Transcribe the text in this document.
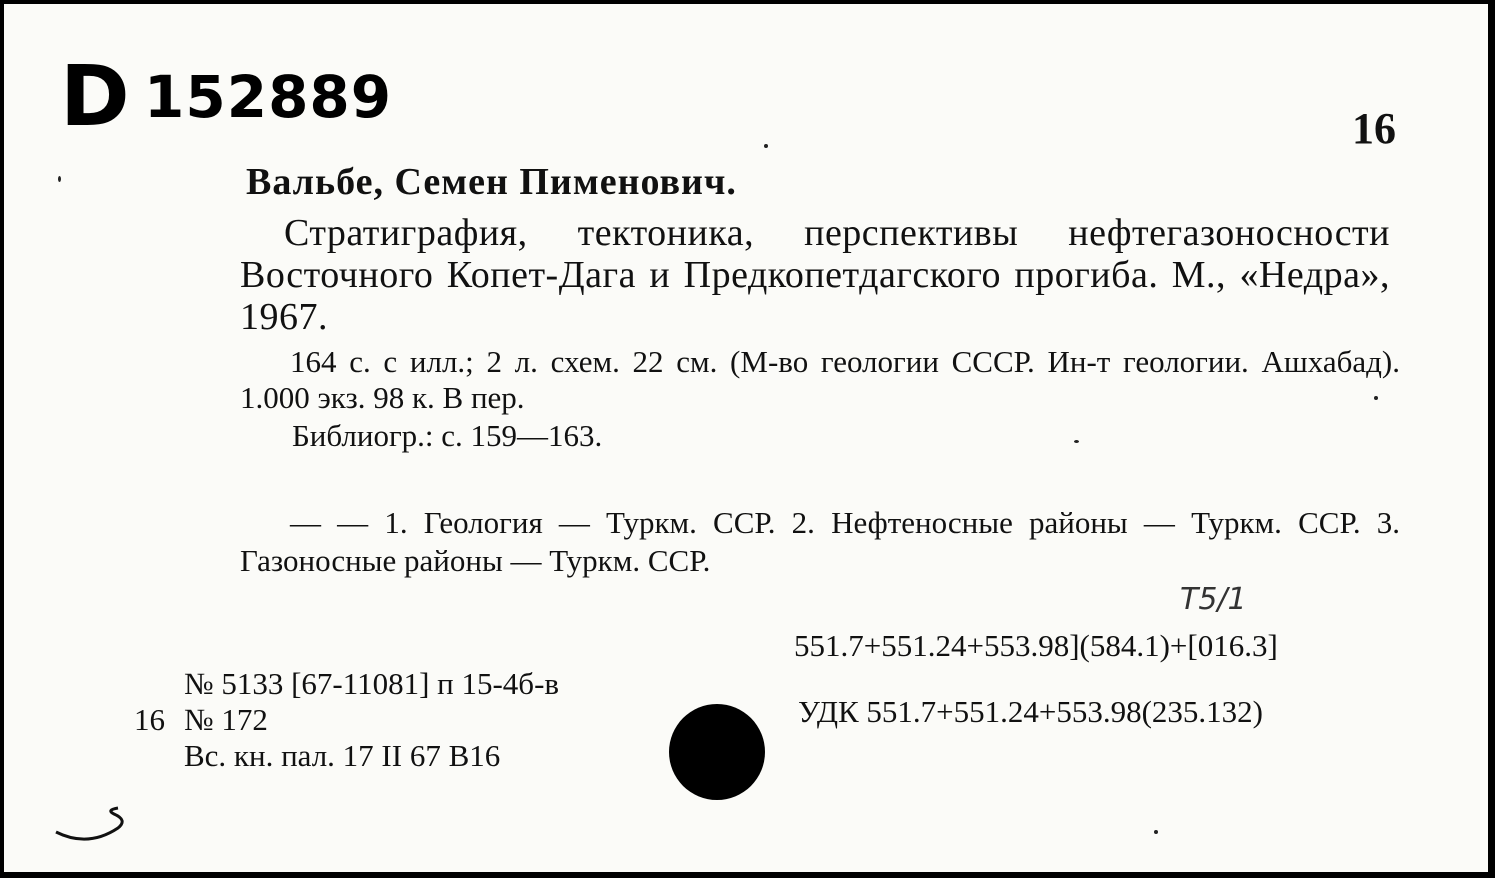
D 152889	16
Вальбе, Семен Пименович.
Стратиграфия, тектоника, перспективы нефтегазоносности Восточного Копет-Дага и Предкопетдагского прогиба. М., «Недра», 1967.
164 с. с илл.; 2 л. схем. 22 см. (М-во геологии СССР. Ин-т геологии. Ашхабад). 1.000 экз. 98 к. В пер.
Библиогр.: с. 159—163.
— — 1. Геология — Туркм. ССР. 2. Нефтеносные районы — Туркм. ССР. 3. Газоносные районы — Туркм. ССР.
T5/1
551.7+551.24+553.98](584.1)+[016.3]
УДК 551.7+551.24+553.98(235.132)
№ 5133 [67-11081] п 15-4б-в
16 № 172
Вс. кн. пал. 17 II 67 В16
